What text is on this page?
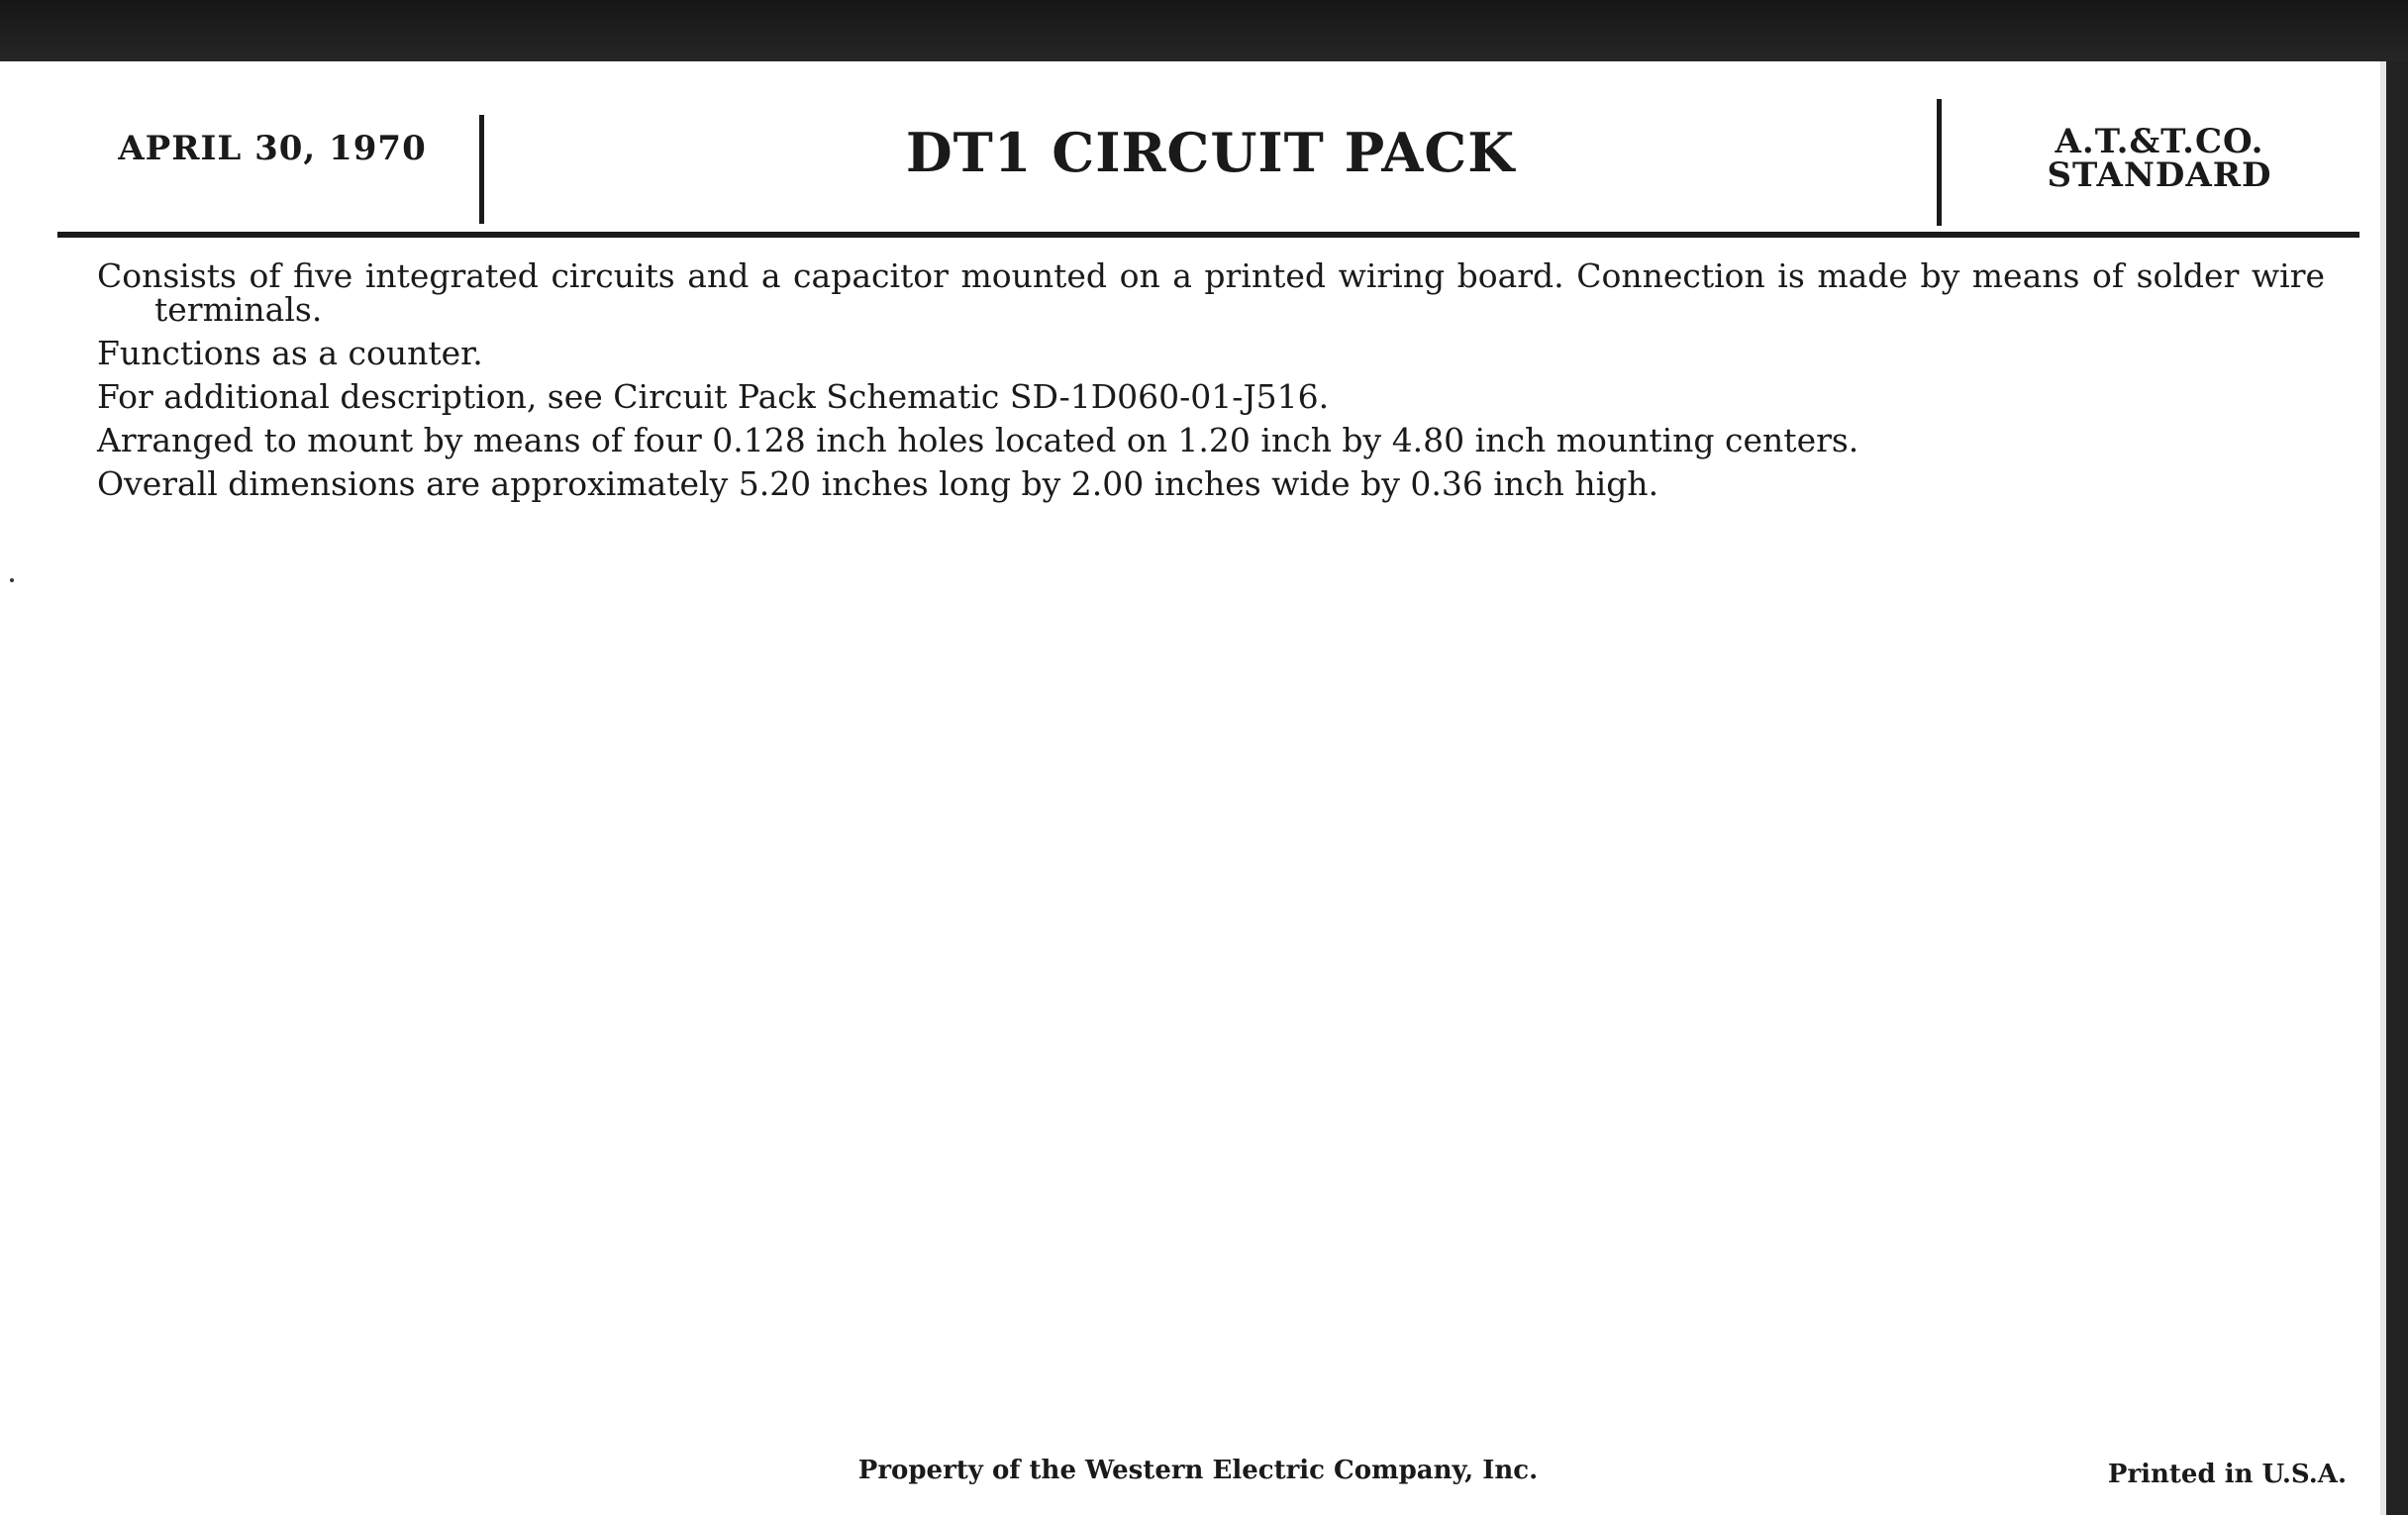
APRIL 30, 1970	DT1 CIRCUIT PACK	A.T.&T.CO.
STANDARD

Consists of five integrated circuits and a capacitor mounted on a printed wiring board. Connection is made by means of solder wire terminals.

Functions as a counter.

For additional description, see Circuit Pack Schematic SD-1D060-01-J516.

Arranged to mount by means of four 0.128 inch holes located on 1.20 inch by 4.80 inch mounting centers.

Overall dimensions are approximately 5.20 inches long by 2.00 inches wide by 0.36 inch high.

Property of the Western Electric Company, Inc.	Printed in U.S.A.
